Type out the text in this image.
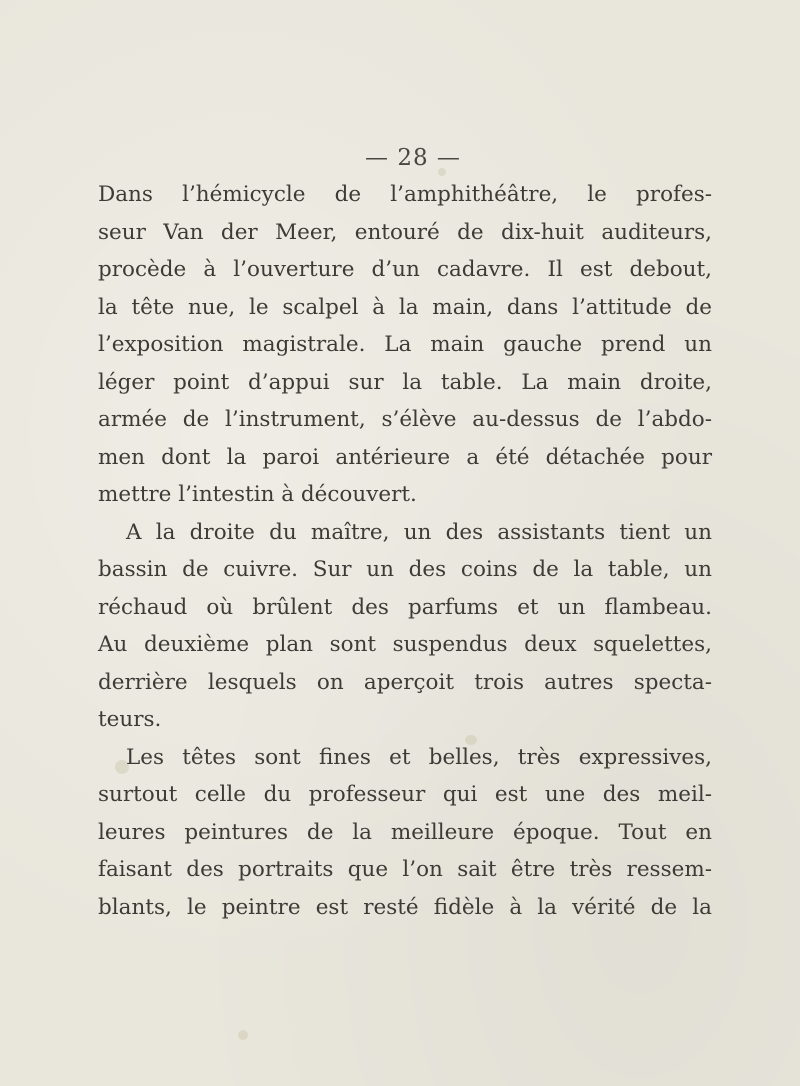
— 28 —
Dans l’hémicycle de l’amphithéâtre, le profes-
seur Van der Meer, entouré de dix-huit auditeurs,
procède à l’ouverture d’un cadavre. Il est debout,
la tête nue, le scalpel à la main, dans l’attitude de
l’exposition magistrale. La main gauche prend un
léger point d’appui sur la table. La main droite,
armée de l’instrument, s’élève au-dessus de l’abdo-
men dont la paroi antérieure a été détachée pour
mettre l’intestin à découvert.
A la droite du maître, un des assistants tient un
bassin de cuivre. Sur un des coins de la table, un
réchaud où brûlent des parfums et un flambeau.
Au deuxième plan sont suspendus deux squelettes,
derrière lesquels on aperçoit trois autres specta-
teurs.
Les têtes sont fines et belles, très expressives,
surtout celle du professeur qui est une des meil-
leures peintures de la meilleure époque. Tout en
faisant des portraits que l’on sait être très ressem-
blants, le peintre est resté fidèle à la vérité de la
